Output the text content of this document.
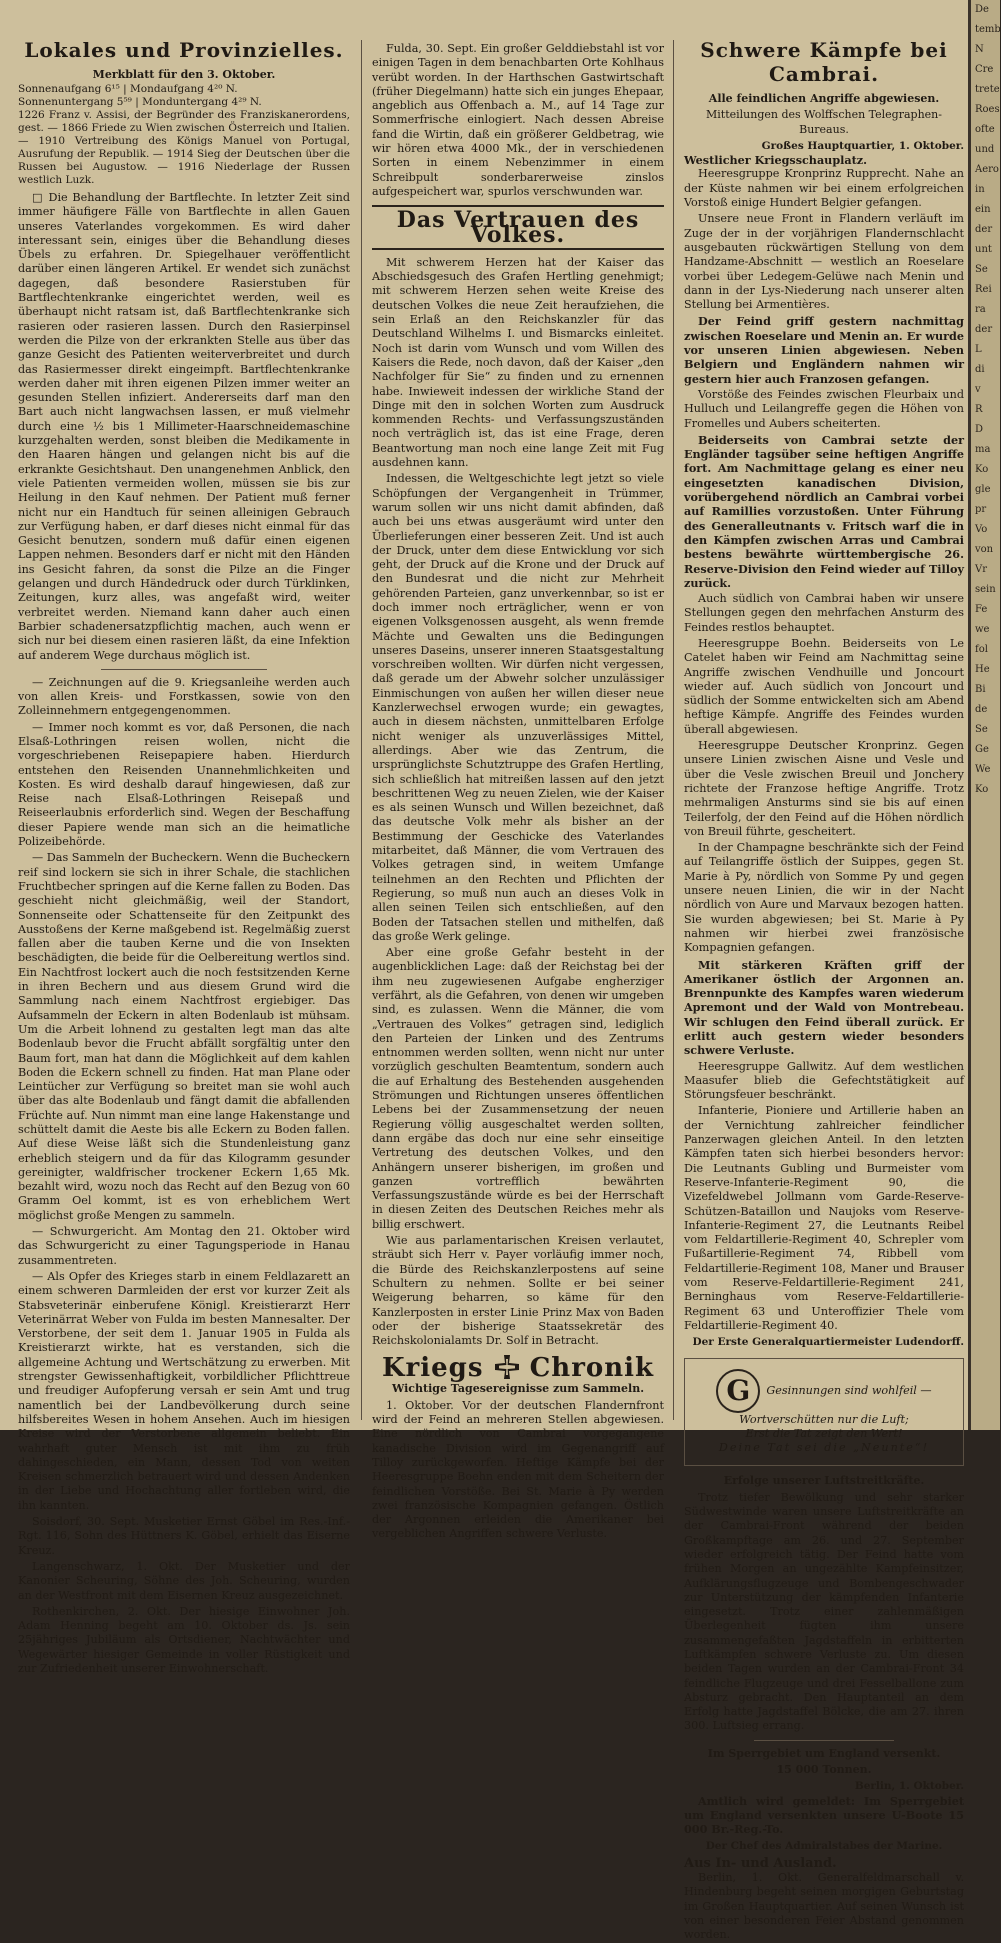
Lokales und Provinzielles.
Merkblatt für den 3. Oktober.
Sonnenaufgang 6¹⁵ | Mondaufgang 4²⁰ N.
Sonnenuntergang 5⁵⁹ | Monduntergang 4²⁹ N.
1226 Franz v. Assisi, der Begründer des Franziskanerordens, gest. — 1866 Friede zu Wien zwischen Österreich und Italien. — 1910 Vertreibung des Königs Manuel von Portugal, Ausrufung der Republik. — 1914 Sieg der Deutschen über die Russen bei Augustow. — 1916 Niederlage der Russen westlich Luzk.

□ Die Behandlung der Bartflechte. In letzter Zeit sind immer häufigere Fälle von Bartflechte in allen Gauen unseres Vaterlandes vorgekommen. Es wird daher interessant sein, einiges über die Behandlung dieses Übels zu erfahren. Dr. Spiegelhauer veröffentlicht darüber einen längeren Artikel. Er wendet sich zunächst dagegen, daß besondere Rasierstuben für Bartflechtenkranke eingerichtet werden, weil es überhaupt nicht ratsam ist, daß Bartflechtenkranke sich rasieren oder rasieren lassen. Durch den Rasierpinsel werden die Pilze von der erkrankten Stelle aus über das ganze Gesicht des Patienten weiterverbreitet und durch das Rasiermesser direkt eingeimpft. Bartflechtenkranke werden daher mit ihren eigenen Pilzen immer weiter an gesunden Stellen infiziert. Andererseits darf man den Bart auch nicht langwachsen lassen, er muß vielmehr durch eine ½ bis 1 Millimeter-Haarschneidemaschine kurzgehalten werden, sonst bleiben die Medikamente in den Haaren hängen und gelangen nicht bis auf die erkrankte Gesichtshaut. Den unangenehmen Anblick, den viele Patienten vermeiden wollen, müssen sie bis zur Heilung in den Kauf nehmen. Der Patient muß ferner nicht nur ein Handtuch für seinen alleinigen Gebrauch zur Verfügung haben, er darf dieses nicht einmal für das Gesicht benutzen, sondern muß dafür einen eigenen Lappen nehmen. Besonders darf er nicht mit den Händen ins Gesicht fahren, da sonst die Pilze an die Finger gelangen und durch Händedruck oder durch Türklinken, Zeitungen, kurz alles, was angefaßt wird, weiter verbreitet werden. Niemand kann daher auch einen Barbier schadenersatzpflichtig machen, auch wenn er sich nur bei diesem einen rasieren läßt, da eine Infektion auf anderem Wege durchaus möglich ist.

— Zeichnungen auf die 9. Kriegsanleihe werden auch von allen Kreis- und Forstkassen, sowie von den Zolleinnehmern entgegengenommen.

— Immer noch kommt es vor, daß Personen, die nach Elsaß-Lothringen reisen wollen, nicht die vorgeschriebenen Reisepapiere haben. Hierdurch entstehen den Reisenden Unannehmlichkeiten und Kosten. Es wird deshalb darauf hingewiesen, daß zur Reise nach Elsaß-Lothringen Reisepaß und Reiseerlaubnis erforderlich sind. Wegen der Beschaffung dieser Papiere wende man sich an die heimatliche Polizeibehörde.

— Das Sammeln der Bucheckern. Wenn die Bucheckern reif sind lockern sie sich in ihrer Schale, die stachlichen Fruchtbecher springen auf die Kerne fallen zu Boden. Das geschieht nicht gleichmäßig, weil der Standort, Sonnenseite oder Schattenseite für den Zeitpunkt des Ausstoßens der Kerne maßgebend ist. Regelmäßig zuerst fallen aber die tauben Kerne und die von Insekten beschädigten, die beide für die Oelbereitung wertlos sind. Ein Nachtfrost lockert auch die noch festsitzenden Kerne in ihren Bechern und aus diesem Grund wird die Sammlung nach einem Nachtfrost ergiebiger. Das Aufsammeln der Eckern in alten Bodenlaub ist mühsam. Um die Arbeit lohnend zu gestalten legt man das alte Bodenlaub bevor die Frucht abfällt sorgfältig unter den Baum fort, man hat dann die Möglichkeit auf dem kahlen Boden die Eckern schnell zu finden. Hat man Plane oder Leintücher zur Verfügung so breitet man sie wohl auch über das alte Bodenlaub und fängt damit die abfallenden Früchte auf. Nun nimmt man eine lange Hakenstange und schüttelt damit die Aeste bis alle Eckern zu Boden fallen. Auf diese Weise läßt sich die Stundenleistung ganz erheblich steigern und da für das Kilogramm gesunder gereinigter, waldfrischer trockener Eckern 1,65 Mk. bezahlt wird, wozu noch das Recht auf den Bezug von 60 Gramm Oel kommt, ist es von erheblichem Wert möglichst große Mengen zu sammeln.

— Schwurgericht. Am Montag den 21. Oktober wird das Schwurgericht zu einer Tagungsperiode in Hanau zusammentreten.

— Als Opfer des Krieges starb in einem Feldlazarett an einem schweren Darmleiden der erst vor kurzer Zeit als Stabsveterinär einberufene Königl. Kreistierarzt Herr Veterinärrat Weber von Fulda im besten Mannesalter. Der Verstorbene, der seit dem 1. Januar 1905 in Fulda als Kreistierarzt wirkte, hat es verstanden, sich die allgemeine Achtung und Wertschätzung zu erwerben. Mit strengster Gewissenhaftigkeit, vorbildlicher Pflichttreue und freudiger Aufopferung versah er sein Amt und trug namentlich bei der Landbevölkerung durch seine hilfsbereites Wesen in hohem Ansehen. Auch im hiesigen Kreise wird der Verstorbene allgemein beliebt. Ein wahrhaft guter Mensch ist mit ihm zu früh dahingeschieden, ein Mann, dessen Tod von weiten Kreisen schmerzlich betrauert wird und dessen Andenken in der Liebe und Hochachtung aller fortleben wird, die ihn kannten.

Soisdorf, 30. Sept. Musketier Ernst Göbel im Res.-Inf.-Rgt. 116, Sohn des Hüttners K. Göbel, erhielt das Eiserne Kreuz.

Langenschwarz, 1. Okt. Der Musketier und der Kanonier Scheuring, Söhne des Joh. Scheuring, wurden an der Westfront mit dem Eisernen Kreuz ausgezeichnet.

Rothenkirchen, 2. Okt. Der hiesige Einwohner Joh. Adam Henning begeht am 10. Oktober ds. Js. sein 25jähriges Jubiläum als Ortsdiener, Nachtwächter und Wegewärter hiesiger Gemeinde in voller Rüstigkeit und zur Zufriedenheit unserer Einwohnerschaft.

Fulda, 30. Sept. Ein großer Gelddiebstahl ist vor einigen Tagen in dem benachbarten Orte Kohlhaus verübt worden. In der Harthschen Gastwirtschaft (früher Diegelmann) hatte sich ein junges Ehepaar, angeblich aus Offenbach a. M., auf 14 Tage zur Sommerfrische einlogiert. Nach dessen Abreise fand die Wirtin, daß ein größerer Geldbetrag, wie wir hören etwa 4000 Mk., der in verschiedenen Sorten in einem Nebenzimmer in einem Schreibpult sonderbarerweise zinslos aufgespeichert war, spurlos verschwunden war.

Das Vertrauen des Volkes.

Mit schwerem Herzen hat der Kaiser das Abschiedsgesuch des Grafen Hertling genehmigt; mit schwerem Herzen sehen weite Kreise des deutschen Volkes die neue Zeit heraufziehen, die sein Erlaß an den Reichskanzler für das Deutschland Wilhelms I. und Bismarcks einleitet. Noch ist darin vom Wunsch und vom Willen des Kaisers die Rede, noch davon, daß der Kaiser „den Nachfolger für Sie“ zu finden und zu ernennen habe. Inwieweit indessen der wirkliche Stand der Dinge mit den in solchen Worten zum Ausdruck kommenden Rechts- und Verfassungszuständen noch verträglich ist, das ist eine Frage, deren Beantwortung man noch eine lange Zeit mit Fug ausdehnen kann.

Indessen, die Weltgeschichte legt jetzt so viele Schöpfungen der Vergangenheit in Trümmer, warum sollen wir uns nicht damit abfinden, daß auch bei uns etwas ausgeräumt wird unter den Überlieferungen einer besseren Zeit. Und ist auch der Druck, unter dem diese Entwicklung vor sich geht, der Druck auf die Krone und der Druck auf den Bundesrat und die nicht zur Mehrheit gehörenden Parteien, ganz unverkennbar, so ist er doch immer noch erträglicher, wenn er von eigenen Volksgenossen ausgeht, als wenn fremde Mächte und Gewalten uns die Bedingungen unseres Daseins, unserer inneren Staatsgestaltung vorschreiben wollten. Wir dürfen nicht vergessen, daß gerade um der Abwehr solcher unzulässiger Einmischungen von außen her willen dieser neue Kanzlerwechsel erwogen wurde; ein gewagtes, auch in diesem nächsten, unmittelbaren Erfolge nicht weniger als unzuverlässiges Mittel, allerdings. Aber wie das Zentrum, die ursprünglichste Schutztruppe des Grafen Hertling, sich schließlich hat mitreißen lassen auf den jetzt beschrittenen Weg zu neuen Zielen, wie der Kaiser es als seinen Wunsch und Willen bezeichnet, daß das deutsche Volk mehr als bisher an der Bestimmung der Geschicke des Vaterlandes mitarbeitet, daß Männer, die vom Vertrauen des Volkes getragen sind, in weitem Umfange teilnehmen an den Rechten und Pflichten der Regierung, so muß nun auch an dieses Volk in allen seinen Teilen sich entschließen, auf den Boden der Tatsachen stellen und mithelfen, daß das große Werk gelinge.

Aber eine große Gefahr besteht in der augenblicklichen Lage: daß der Reichstag bei der ihm neu zugewiesenen Aufgabe engherziger verfährt, als die Gefahren, von denen wir umgeben sind, es zulassen. Wenn die Männer, die vom „Vertrauen des Volkes“ getragen sind, lediglich den Parteien der Linken und des Zentrums entnommen werden sollten, wenn nicht nur unter vorzüglich geschulten Beamtentum, sondern auch die auf Erhaltung des Bestehenden ausgehenden Strömungen und Richtungen unseres öffentlichen Lebens bei der Zusammensetzung der neuen Regierung völlig ausgeschaltet werden sollten, dann ergäbe das doch nur eine sehr einseitige Vertretung des deutschen Volkes, und den Anhängern unserer bisherigen, im großen und ganzen vortrefflich bewährten Verfassungszustände würde es bei der Herrschaft in diesen Zeiten des Deutschen Reiches mehr als billig erschwert.

Wie aus parlamentarischen Kreisen verlautet, sträubt sich Herr v. Payer vorläufig immer noch, die Bürde des Reichskanzlerpostens auf seine Schultern zu nehmen. Sollte er bei seiner Weigerung beharren, so käme für den Kanzlerposten in erster Linie Prinz Max von Baden oder der bisherige Staatssekretär des Reichskolonialamts Dr. Solf in Betracht.

Kriegs Chronik
Wichtige Tagesereignisse zum Sammeln.

1. Oktober. Vor der deutschen Flandernfront wird der Feind an mehreren Stellen abgewiesen. Eine nördlich von Cambrai vorgegangene kanadische Division wird im Gegenangriff auf Tilloy zurückgeworfen. Heftige Kämpfe bei der Heeresgruppe Boehn enden mit dem Scheitern der feindlichen Vorstöße. Bei St. Marie à Py werden zwei französische Kompagnien gefangen. Östlich der Argonnen erleiden die Amerikaner bei vergeblichen Angriffen schwere Verluste.

Schwere Kämpfe bei Cambrai.
Alle feindlichen Angriffe abgewiesen.
Mitteilungen des Wolffschen Telegraphen-Bureaus.
Großes Hauptquartier, 1. Oktober.
Westlicher Kriegsschauplatz.

Heeresgruppe Kronprinz Rupprecht. Nahe an der Küste nahmen wir bei einem erfolgreichen Vorstoß einige Hundert Belgier gefangen.

Unsere neue Front in Flandern verläuft im Zuge der in der vorjährigen Flandernschlacht ausgebauten rückwärtigen Stellung von dem Handzame-Abschnitt — westlich an Roeselare vorbei über Ledegem-Gelüwe nach Menin und dann in der Lys-Niederung nach unserer alten Stellung bei Armentières.

Der Feind griff gestern nachmittag zwischen Roeselare und Menin an. Er wurde vor unseren Linien abgewiesen. Neben Belgiern und Engländern nahmen wir gestern hier auch Franzosen gefangen.

Vorstöße des Feindes zwischen Fleurbaix und Hulluch und Leilangreffe gegen die Höhen von Fromelles und Aubers scheiterten.

Beiderseits von Cambrai setzte der Engländer tagsüber seine heftigen Angriffe fort. Am Nachmittage gelang es einer neu eingesetzten kanadischen Division, vorübergehend nördlich an Cambrai vorbei auf Ramillies vorzustoßen. Unter Führung des Generalleutnants v. Fritsch warf die in den Kämpfen zwischen Arras und Cambrai bestens bewährte württembergische 26. Reserve-Division den Feind wieder auf Tilloy zurück.

Auch südlich von Cambrai haben wir unsere Stellungen gegen den mehrfachen Ansturm des Feindes restlos behauptet.

Heeresgruppe Boehn. Beiderseits von Le Catelet haben wir Feind am Nachmittag seine Angriffe zwischen Vendhuille und Joncourt wieder auf. Auch südlich von Joncourt und südlich der Somme entwickelten sich am Abend heftige Kämpfe. Angriffe des Feindes wurden überall abgewiesen.

Heeresgruppe Deutscher Kronprinz. Gegen unsere Linien zwischen Aisne und Vesle und über die Vesle zwischen Breuil und Jonchery richtete der Franzose heftige Angriffe. Trotz mehrmaligen Ansturms sind sie bis auf einen Teilerfolg, der den Feind auf die Höhen nördlich von Breuil führte, gescheitert.

In der Champagne beschränkte sich der Feind auf Teilangriffe östlich der Suippes, gegen St. Marie à Py, nördlich von Somme Py und gegen unsere neuen Linien, die wir in der Nacht nördlich von Aure und Marvaux bezogen hatten. Sie wurden abgewiesen; bei St. Marie à Py nahmen wir hierbei zwei französische Kompagnien gefangen.

Mit stärkeren Kräften griff der Amerikaner östlich der Argonnen an. Brennpunkte des Kampfes waren wiederum Apremont und der Wald von Montrebeau. Wir schlugen den Feind überall zurück. Er erlitt auch gestern wieder besonders schwere Verluste.

Heeresgruppe Gallwitz. Auf dem westlichen Maasufer blieb die Gefechtstätigkeit auf Störungsfeuer beschränkt.

Infanterie, Pioniere und Artillerie haben an der Vernichtung zahlreicher feindlicher Panzerwagen gleichen Anteil. In den letzten Kämpfen taten sich hierbei besonders hervor: Die Leutnants Gubling und Burmeister vom Reserve-Infanterie-Regiment 90, die Vizefeldwebel Jollmann vom Garde-Reserve-Schützen-Bataillon und Naujoks vom Reserve-Infanterie-Regiment 27, die Leutnants Reibel vom Feldartillerie-Regiment 40, Schrepler vom Fußartillerie-Regiment 74, Ribbell vom Feldartillerie-Regiment 108, Maner und Brauser vom Reserve-Feldartillerie-Regiment 241, Berninghaus vom Reserve-Feldartillerie-Regiment 63 und Unteroffizier Thele vom Feldartillerie-Regiment 40.

Der Erste Generalquartiermeister Ludendorff.
G Gesinnungen sind wohlfeil —
Wortverschütten nur die Luft;
Erst die Tat zeigt den Wert!
Deine Tat sei die „Neunte“!
Erfolge unserer Luftstreitkräfte.

Trotz tiefer Bewölkung und sehr starker Südwestwinde waren unsere Luftstreitkräfte an der Cambrai-Front während der beiden Großkampftage am 26. und 27. September wieder erfolgreich tätig. Der Feind hatte vom frühen Morgen an ungezählte Kampfeinsitzer, Aufklärungsflugzeuge und Bombengeschwader zur Unterstützung der kämpfenden Infanterie eingesetzt. Trotz einer zahlenmäßigen Überlegenheit fügten ihm unsere zusammengefaßten Jagdstaffeln in erbitterten Luftkämpfen schwere Verluste zu. Um diesen beiden Tagen wurden an der Cambrai-Front 34 feindliche Flugzeuge und drei Fesselballone zum Absturz gebracht. Den Hauptanteil an dem Erfolg hatte Jagdstaffel Bölcke, die am 27. ihren 300. Luftsieg errang.

Im Sperrgebiet um England versenkt.
15 000 Tonnen.
Berlin, 1. Oktober.

Amtlich wird gemeldet: Im Sperrgebiet um England versenkten unsere U-Boote 15 000 Br.-Reg.-To.

Der Chef des Admiralstabes der Marine.
Aus In- und Ausland.

Berlin, 1. Okt. Generalfeldmarschall v. Hindenburg begeht seinen morgigen Geburtstag im Großen Hauptquartier. Auf seinen Wunsch ist von einer besonderen Feier Abstand genommen worden.

De
temb
N
Cre
trete
Roes
ofte
und
Aero
in
ein
der
unt
Se
Rei
ra
der
L
di
v
R
D
ma
Ko
gle
pr
Vo
von
Vr
sein
Fe
we
fol
He
Bi
de
Se
Ge
We
Ko
